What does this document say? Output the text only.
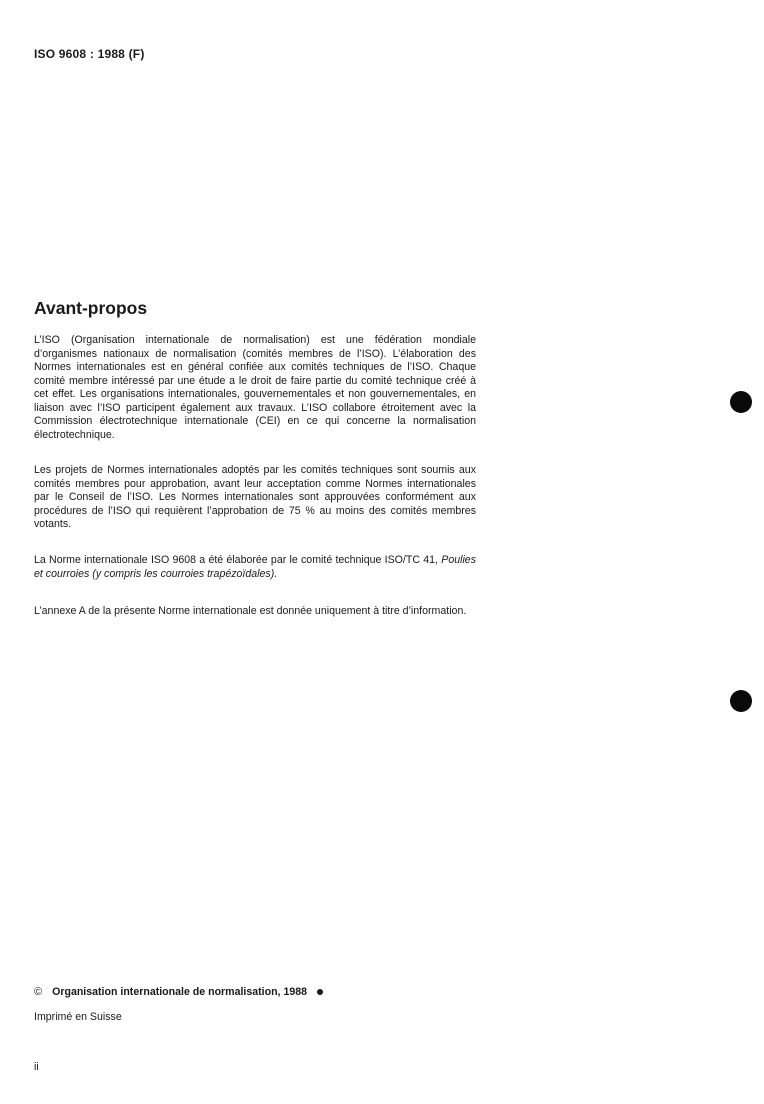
ISO 9608 : 1988 (F)
Avant-propos

L’ISO (Organisation internationale de normalisation) est une fédération mondiale d’organismes nationaux de normalisation (comités membres de l’ISO). L’élaboration des Normes internationales est en général confiée aux comités techniques de l’ISO. Chaque comité membre intéressé par une étude a le droit de faire partie du comité technique créé à cet effet. Les organisations internationales, gouvernementales et non gouvernementales, en liaison avec l’ISO participent également aux travaux. L’ISO collabore étroitement avec la Commission électrotechnique internationale (CEI) en ce qui concerne la normalisation électrotechnique.

Les projets de Normes internationales adoptés par les comités techniques sont soumis aux comités membres pour approbation, avant leur acceptation comme Normes internationales par le Conseil de l’ISO. Les Normes internationales sont approuvées conformément aux procédures de l’ISO qui requièrent l’approbation de 75 % au moins des comités membres votants.

La Norme internationale ISO 9608 a été élaborée par le comité technique ISO/TC 41, Poulies et courroies (y compris les courroies trapézoïdales).

L’annexe A de la présente Norme internationale est donnée uniquement à titre d’information.

© Organisation internationale de normalisation, 1988
Imprimé en Suisse
ii
